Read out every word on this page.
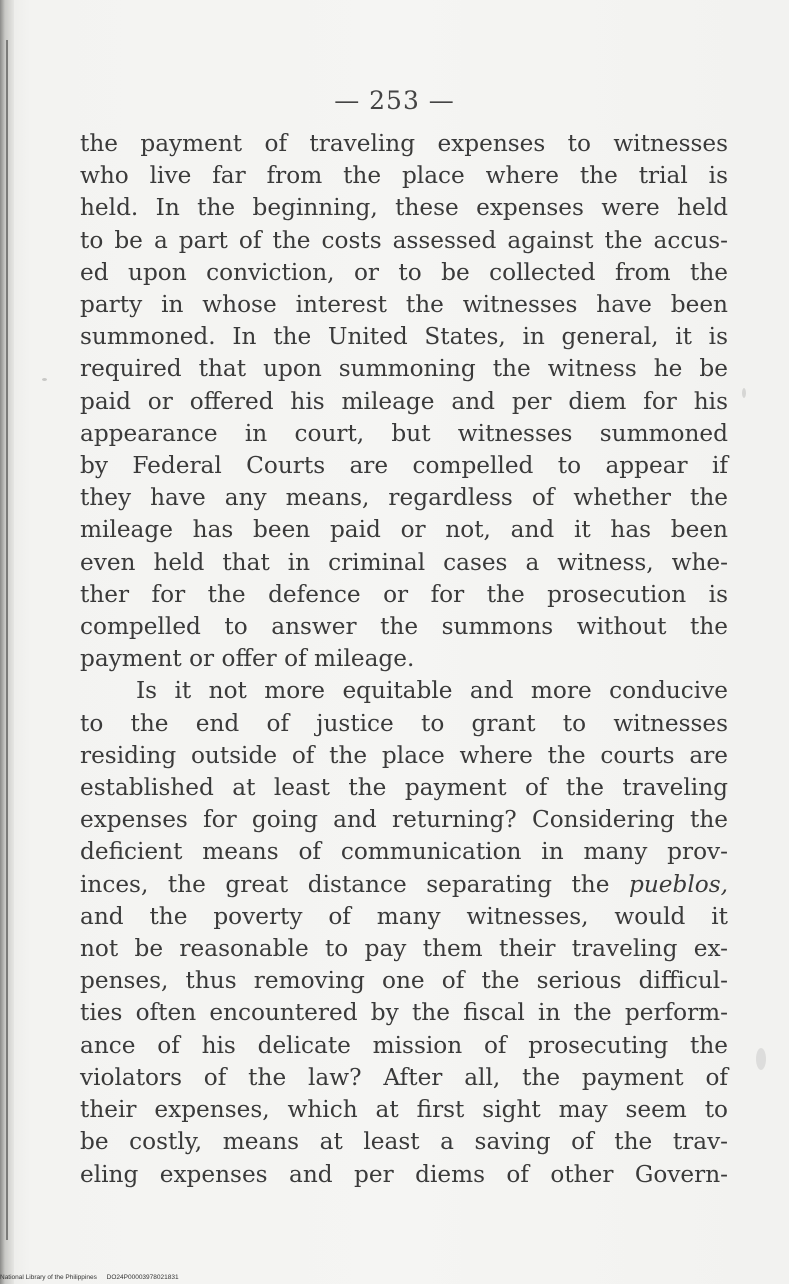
— 253 —
the payment of traveling expenses to witnesses
who live far from the place where the trial is
held. In the beginning, these expenses were held
to be a part of the costs assessed against the accus-
ed upon conviction, or to be collected from the
party in whose interest the witnesses have been
summoned. In the United States, in general, it is
required that upon summoning the witness he be
paid or offered his mileage and per diem for his
appearance in court, but witnesses summoned
by Federal Courts are compelled to appear if
they have any means, regardless of whether the
mileage has been paid or not, and it has been
even held that in criminal cases a witness, whe-
ther for the defence or for the prosecution is
compelled to answer the summons without the
payment or offer of mileage.
Is it not more equitable and more conducive
to the end of justice to grant to witnesses
residing outside of the place where the courts are
established at least the payment of the traveling
expenses for going and returning? Considering the
deficient means of communication in many prov-
inces, the great distance separating the pueblos,
and the poverty of many witnesses, would it
not be reasonable to pay them their traveling ex-
penses, thus removing one of the serious difficul-
ties often encountered by the fiscal in the perform-
ance of his delicate mission of prosecuting the
violators of the law? After all, the payment of
their expenses, which at first sight may seem to
be costly, means at least a saving of the trav-
eling expenses and per diems of other Govern-
National Library of the Philippines DO24P00003978021831
